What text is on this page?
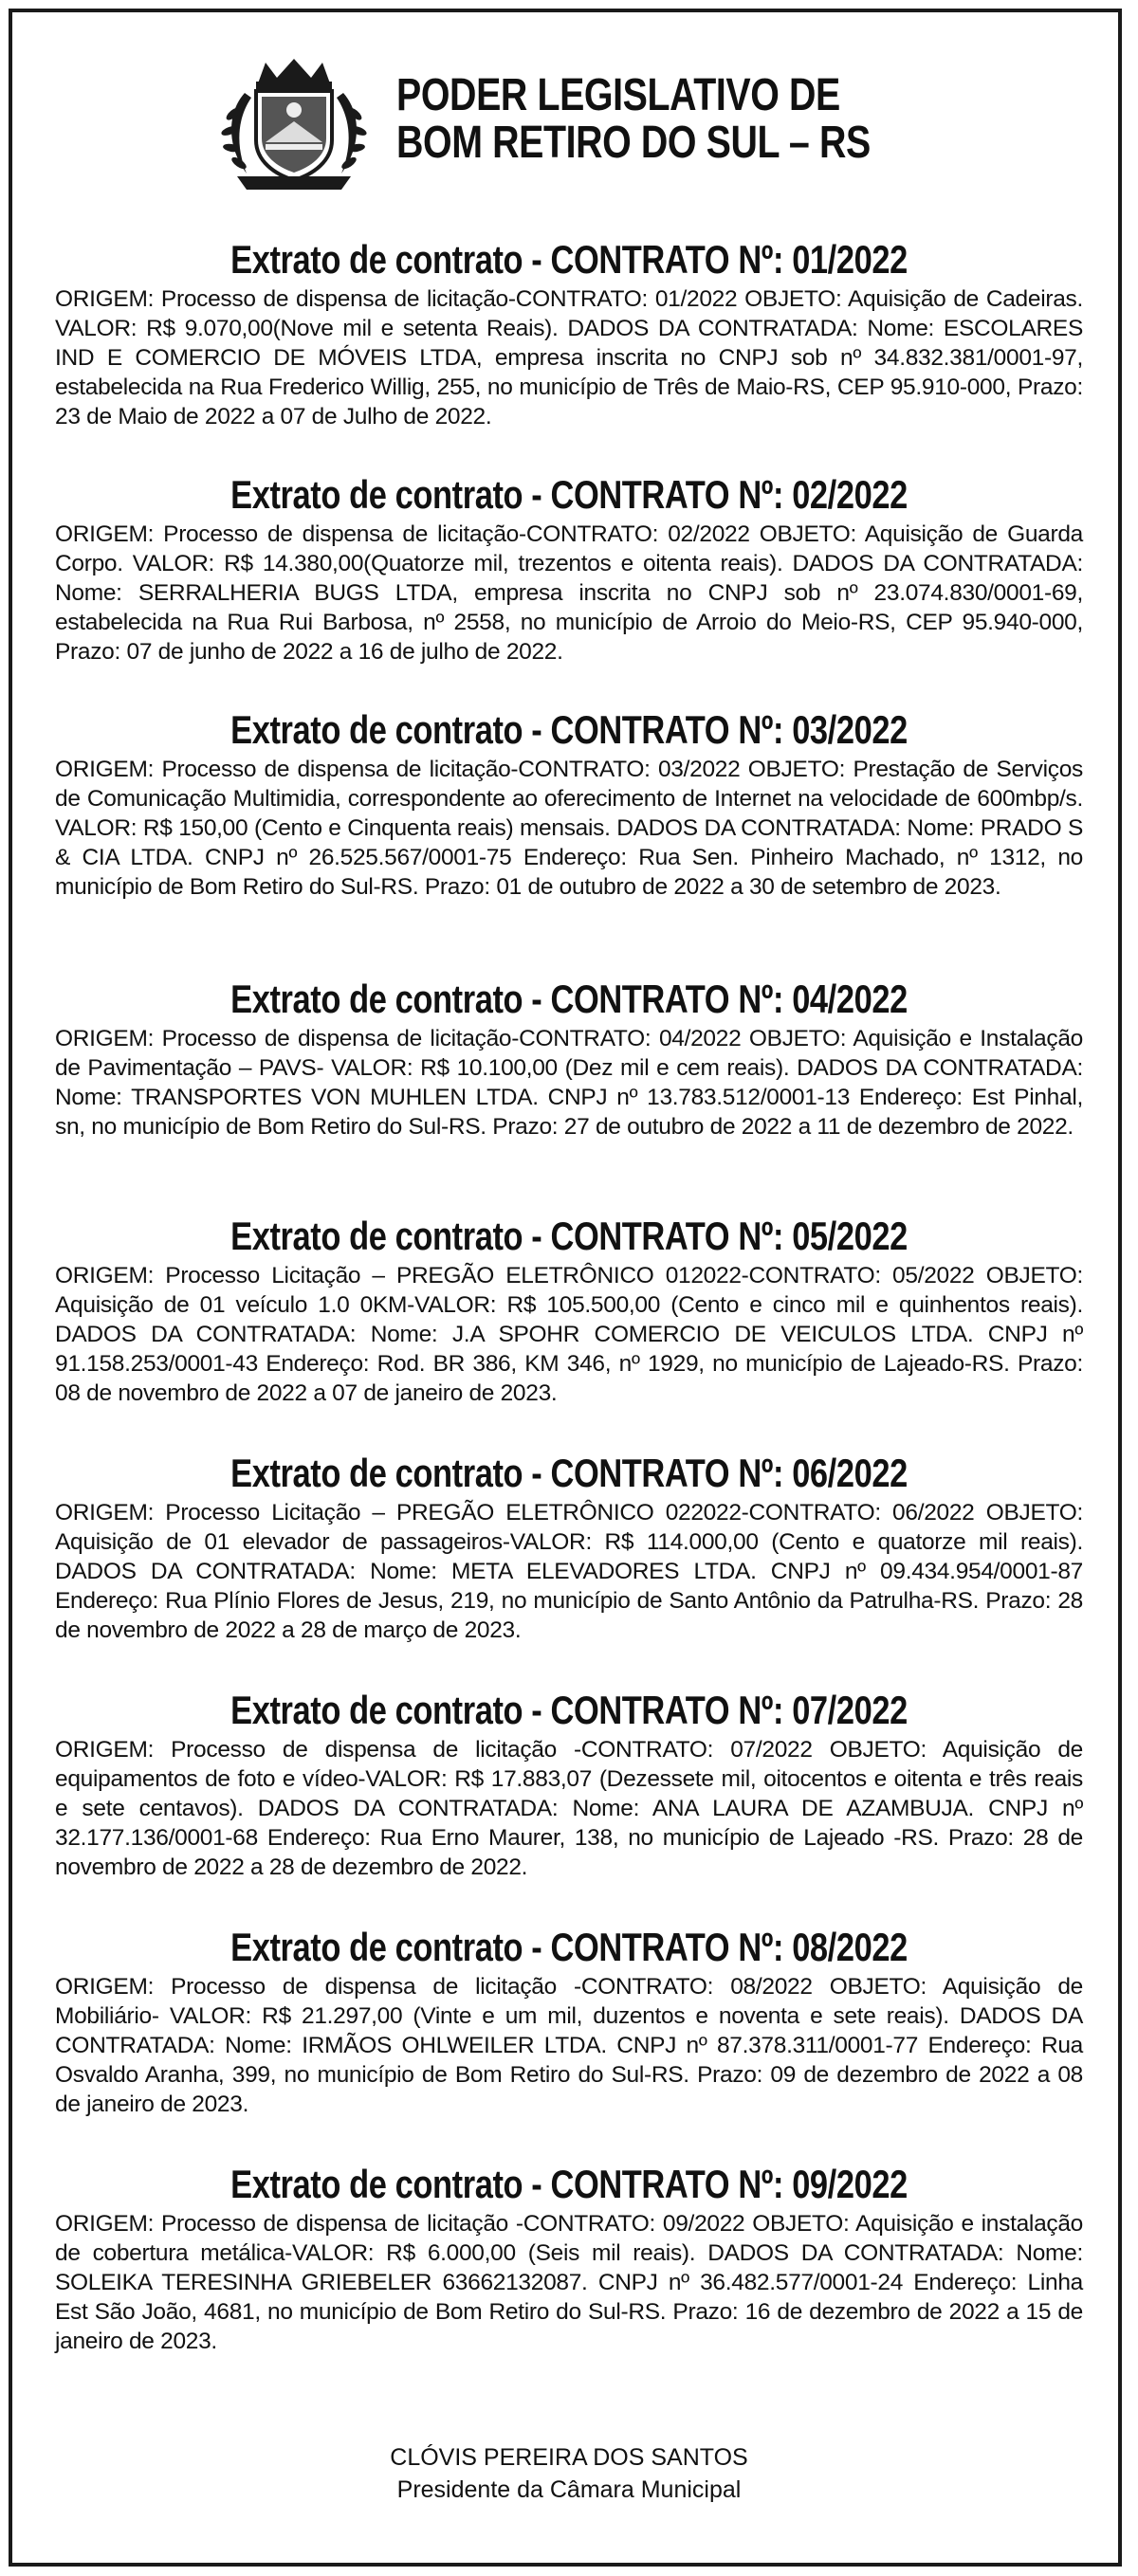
PODER LEGISLATIVO DE
BOM RETIRO DO SUL – RS
Extrato de contrato - CONTRATO Nº: 01/2022
ORIGEM: Processo de dispensa de licitação-CONTRATO: 01/2022 OBJETO: Aquisição de Cadeiras. VALOR: R$ 9.070,00(Nove mil e setenta Reais). DADOS DA CONTRATADA: Nome: ESCOLARES IND E COMERCIO DE MÓVEIS LTDA, empresa inscrita no CNPJ sob nº 34.832.381/0001-97, estabelecida na Rua Frederico Willig, 255, no município de Três de Maio-RS, CEP 95.910-000, Prazo: 23 de Maio de 2022 a 07 de Julho de 2022.
Extrato de contrato - CONTRATO Nº: 02/2022
ORIGEM: Processo de dispensa de licitação-CONTRATO: 02/2022 OBJETO: Aquisição de Guarda Corpo. VALOR: R$ 14.380,00(Quatorze mil, trezentos e oitenta reais). DADOS DA CONTRATADA: Nome: SERRALHERIA BUGS LTDA, empresa inscrita no CNPJ sob nº 23.074.830/0001-69, estabelecida na Rua Rui Barbosa, nº 2558, no município de Arroio do Meio-RS, CEP 95.940-000, Prazo: 07 de junho de 2022 a 16 de julho de 2022.
Extrato de contrato - CONTRATO Nº: 03/2022
ORIGEM: Processo de dispensa de licitação-CONTRATO: 03/2022 OBJETO: Prestação de Serviços de Comunicação Multimidia, correspondente ao oferecimento de Internet na velocidade de 600mbp/s. VALOR: R$ 150,00 (Cento e Cinquenta reais) mensais. DADOS DA CONTRATADA: Nome: PRADO S & CIA LTDA. CNPJ nº 26.525.567/0001-75 Endereço: Rua Sen. Pinheiro Machado, nº 1312, no município de Bom Retiro do Sul-RS. Prazo: 01 de outubro de 2022 a 30 de setembro de 2023.
Extrato de contrato - CONTRATO Nº: 04/2022
ORIGEM: Processo de dispensa de licitação-CONTRATO: 04/2022 OBJETO: Aquisição e Instalação de Pavimentação – PAVS- VALOR: R$ 10.100,00 (Dez mil e cem reais). DADOS DA CONTRATADA: Nome: TRANSPORTES VON MUHLEN LTDA. CNPJ nº 13.783.512/0001-13 Endereço: Est Pinhal, sn, no município de Bom Retiro do Sul-RS. Prazo: 27 de outubro de 2022 a 11 de dezembro de 2022.
Extrato de contrato - CONTRATO Nº: 05/2022
ORIGEM: Processo Licitação – PREGÃO ELETRÔNICO 012022-CONTRATO: 05/2022 OBJETO: Aquisição de 01 veículo 1.0 0KM-VALOR: R$ 105.500,00 (Cento e cinco mil e quinhentos reais). DADOS DA CONTRATADA: Nome: J.A SPOHR COMERCIO DE VEICULOS LTDA. CNPJ nº 91.158.253/0001-43 Endereço: Rod. BR 386, KM 346, nº 1929, no município de Lajeado-RS. Prazo: 08 de novembro de 2022 a 07 de janeiro de 2023.
Extrato de contrato - CONTRATO Nº: 06/2022
ORIGEM: Processo Licitação – PREGÃO ELETRÔNICO 022022-CONTRATO: 06/2022 OBJETO: Aquisição de 01 elevador de passageiros-VALOR: R$ 114.000,00 (Cento e quatorze mil reais). DADOS DA CONTRATADA: Nome: META ELEVADORES LTDA. CNPJ nº 09.434.954/0001-87 Endereço: Rua Plínio Flores de Jesus, 219, no município de Santo Antônio da Patrulha-RS. Prazo: 28 de novembro de 2022 a 28 de março de 2023.
Extrato de contrato - CONTRATO Nº: 07/2022
ORIGEM: Processo de dispensa de licitação -CONTRATO: 07/2022 OBJETO: Aquisição de equipamentos de foto e vídeo-VALOR: R$ 17.883,07 (Dezessete mil, oitocentos e oitenta e três reais e sete centavos). DADOS DA CONTRATADA: Nome: ANA LAURA DE AZAMBUJA. CNPJ nº 32.177.136/0001-68 Endereço: Rua Erno Maurer, 138, no município de Lajeado -RS. Prazo: 28 de novembro de 2022 a 28 de dezembro de 2022.
Extrato de contrato - CONTRATO Nº: 08/2022
ORIGEM: Processo de dispensa de licitação -CONTRATO: 08/2022 OBJETO: Aquisição de Mobiliário- VALOR: R$ 21.297,00 (Vinte e um mil, duzentos e noventa e sete reais). DADOS DA CONTRATADA: Nome: IRMÃOS OHLWEILER LTDA. CNPJ nº 87.378.311/0001-77 Endereço: Rua Osvaldo Aranha, 399, no município de Bom Retiro do Sul-RS. Prazo: 09 de dezembro de 2022 a 08 de janeiro de 2023.
Extrato de contrato - CONTRATO Nº: 09/2022
ORIGEM: Processo de dispensa de licitação -CONTRATO: 09/2022 OBJETO: Aquisição e instalação de cobertura metálica-VALOR: R$ 6.000,00 (Seis mil reais). DADOS DA CONTRATADA: Nome: SOLEIKA TERESINHA GRIEBELER 63662132087. CNPJ nº 36.482.577/0001-24 Endereço: Linha Est São João, 4681, no município de Bom Retiro do Sul-RS. Prazo: 16 de dezembro de 2022 a 15 de janeiro de 2023.
CLÓVIS PEREIRA DOS SANTOS
Presidente da Câmara Municipal
